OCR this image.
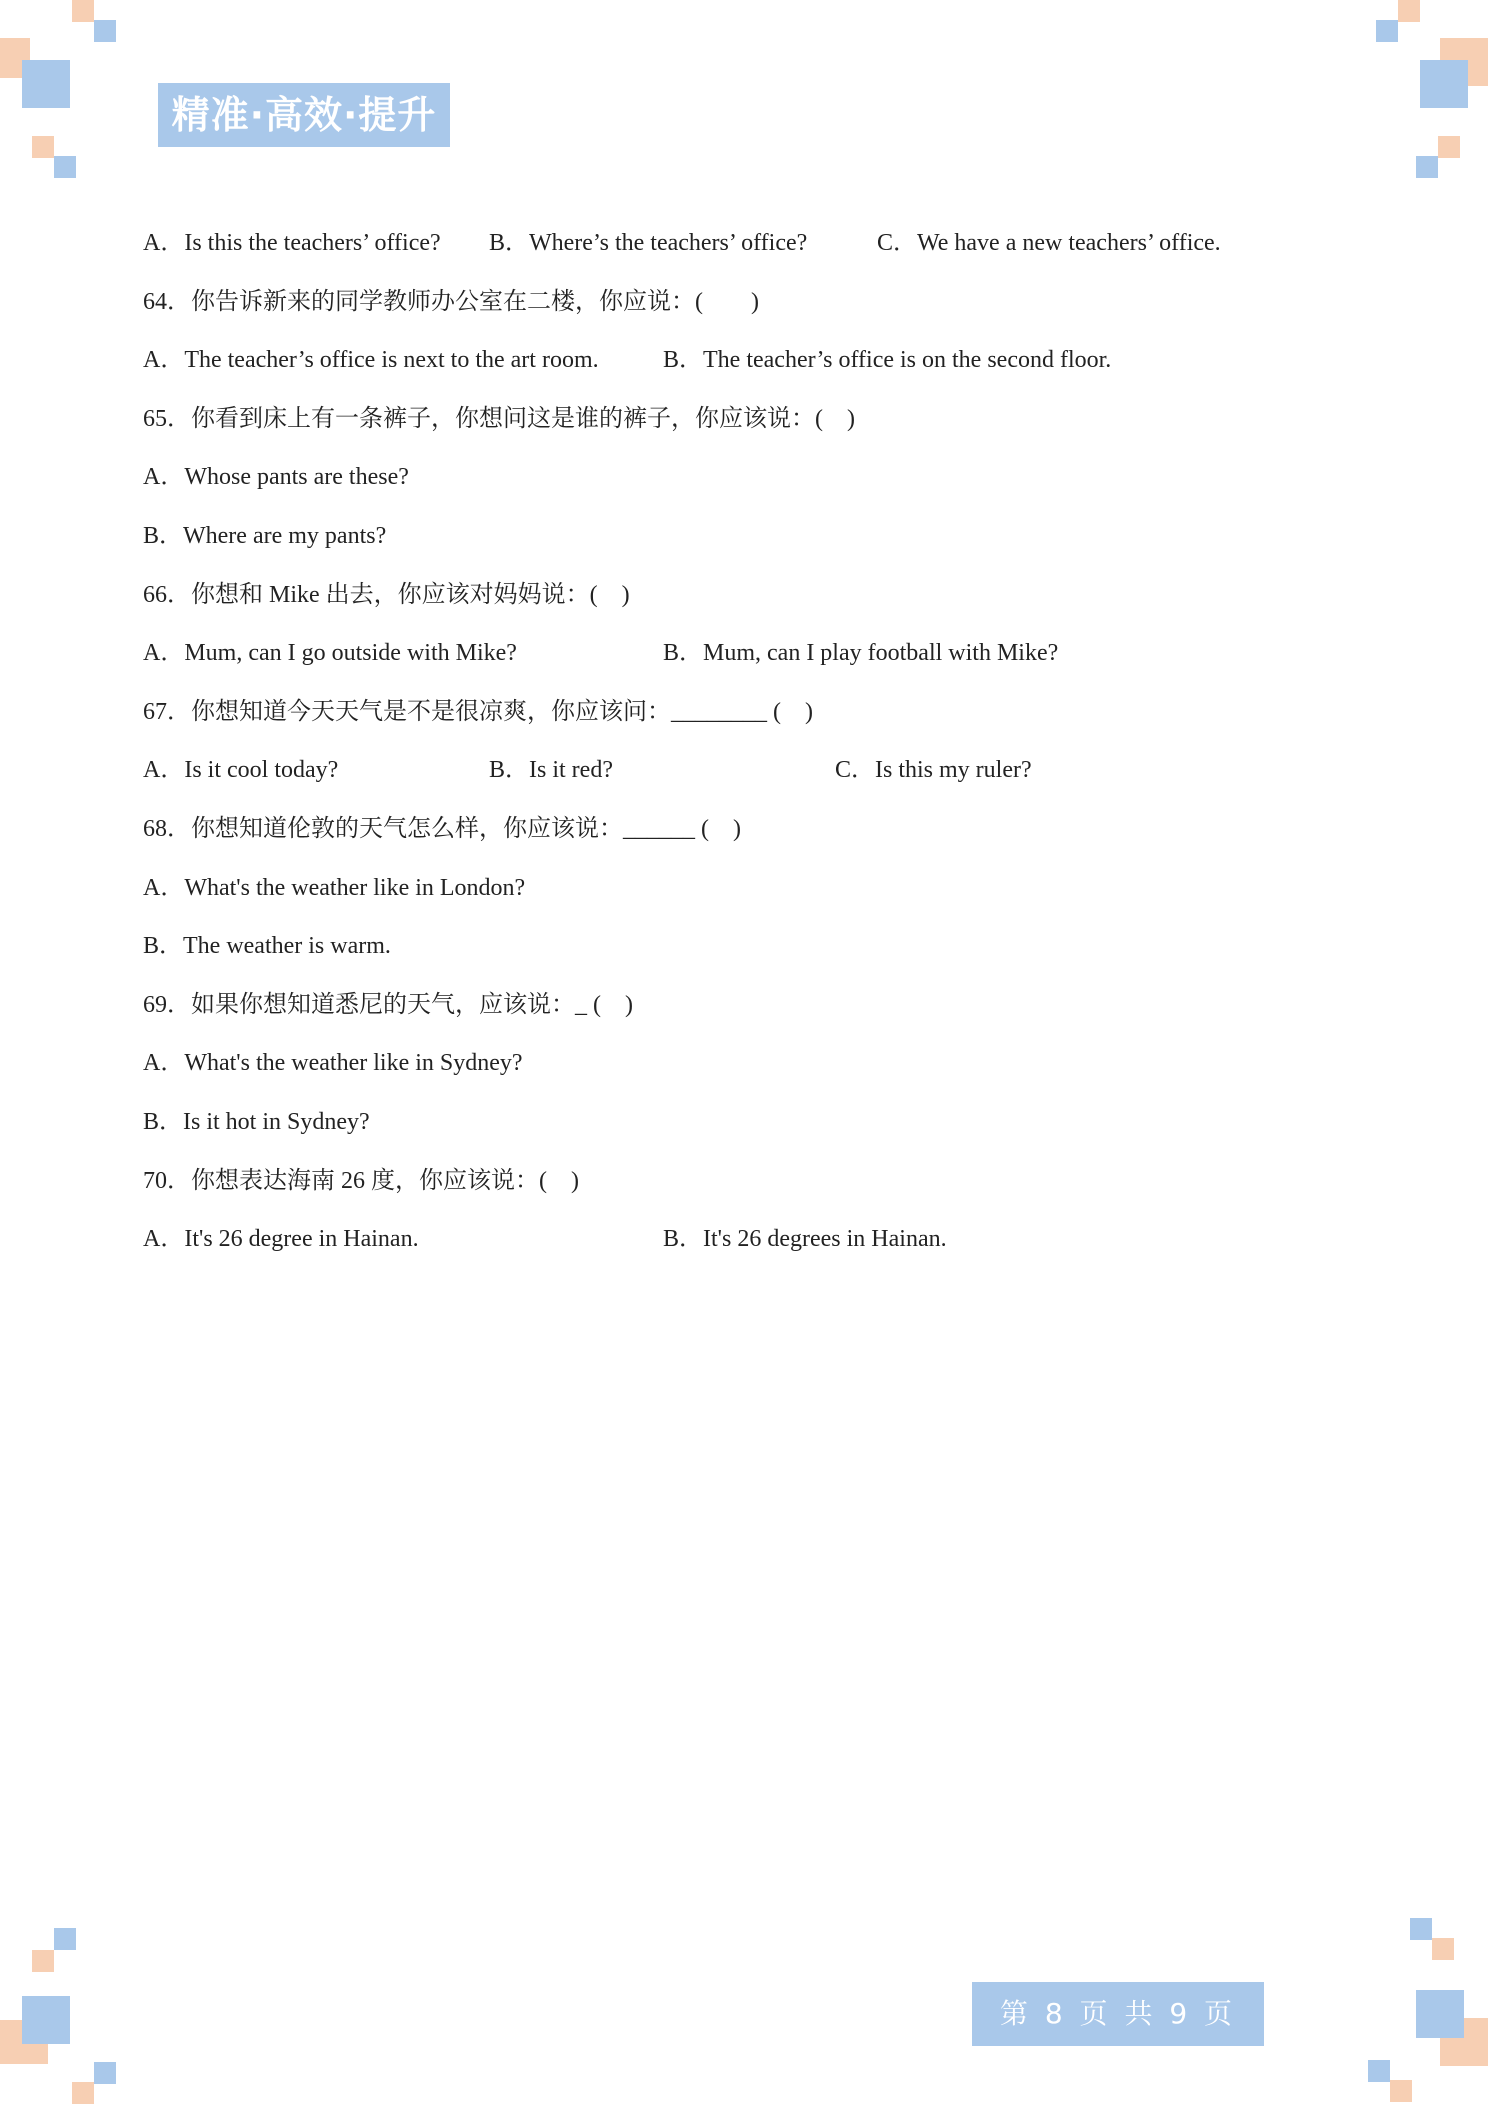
精准·高效·提升
A．Is this the teachers’ office? B．Where’s the teachers’ office?	C．We have a new teachers’ office.
64．你告诉新来的同学教师办公室在二楼，你应说：(　　)
A．The teacher’s office is next to the art room.	B．The teacher’s office is on the second floor.
65．你看到床上有一条裤子，你想问这是谁的裤子，你应该说：(　)
A．Whose pants are these?
B．Where are my pants?
66．你想和 Mike 出去，你应该对妈妈说：(　)
A．Mum, can I go outside with Mike?	B．Mum, can I play football with Mike?
67．你想知道今天天气是不是很凉爽，你应该问：________ (　)
A．Is it cool today?	B．Is it red?	C．Is this my ruler?
68．你想知道伦敦的天气怎么样，你应该说：______ (　)
A．What's the weather like in London?
B．The weather is warm.
69．如果你想知道悉尼的天气，应该说：_ (　)
A．What's the weather like in Sydney?
B．Is it hot in Sydney?
70．你想表达海南 26 度，你应该说：(　)
A．It's 26 degree in Hainan.	B．It's 26 degrees in Hainan.
第 8 页 共 9 页
